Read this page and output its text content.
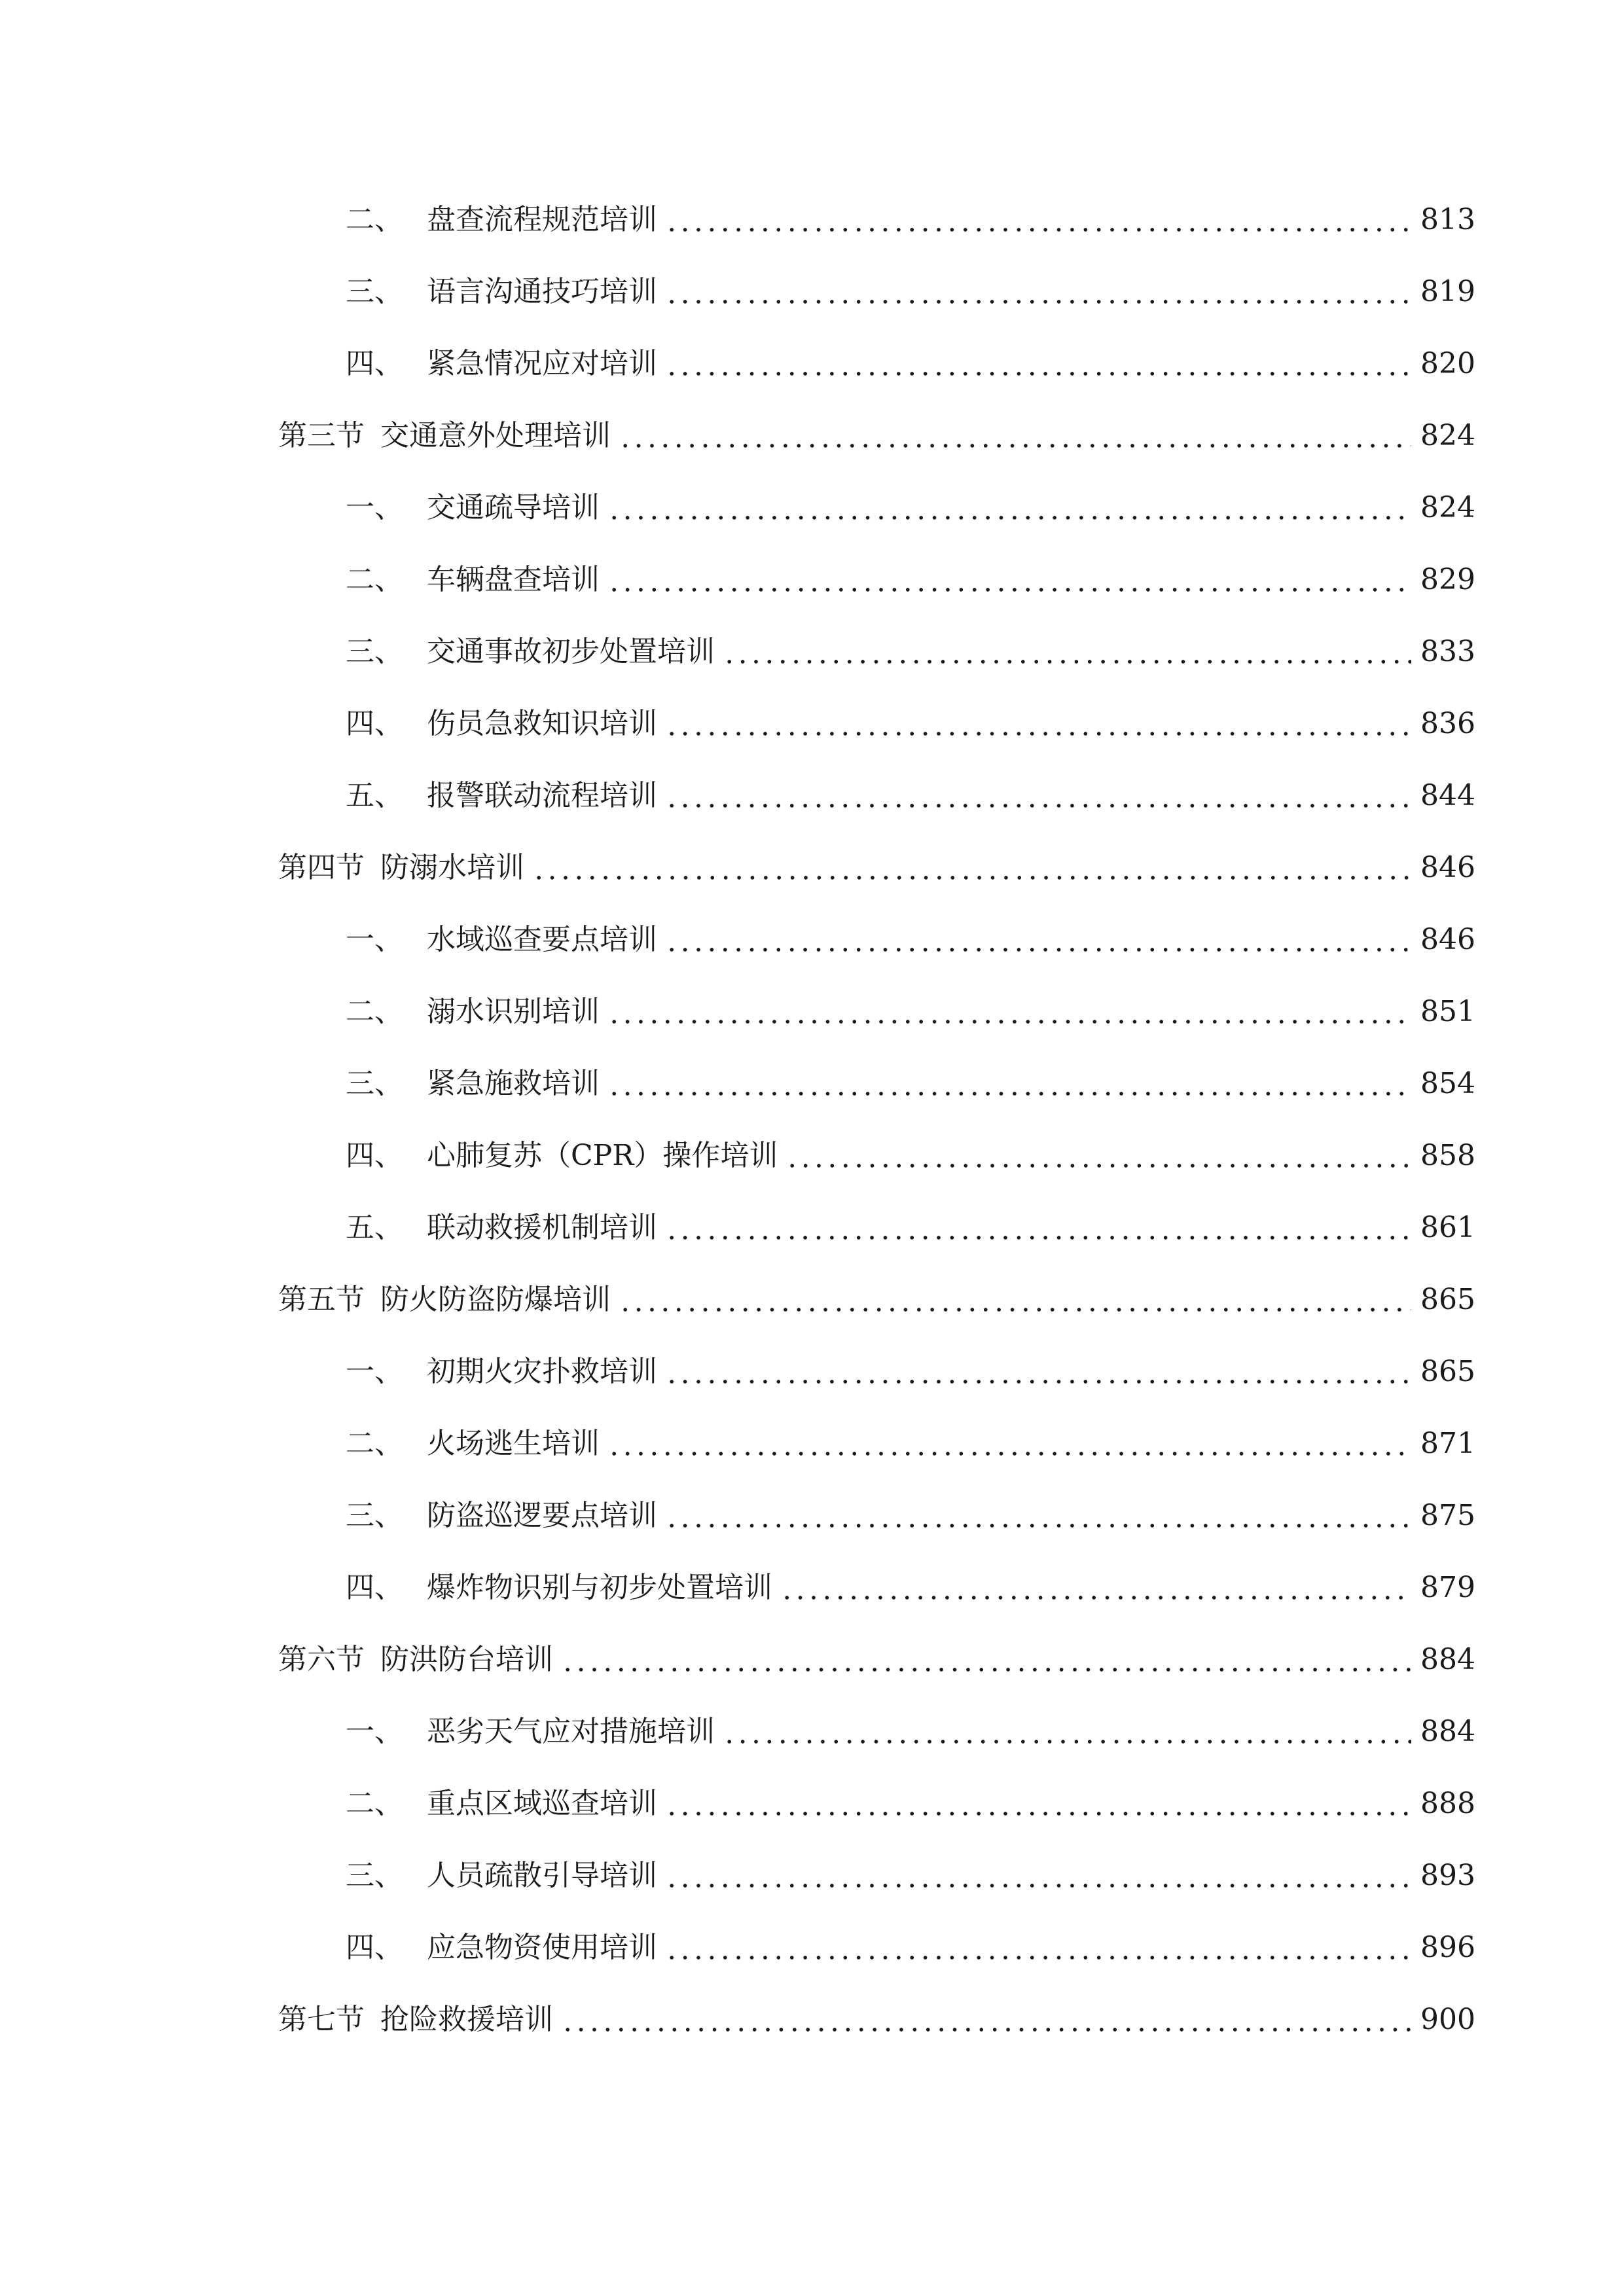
二、 盘查流程规范培训	813
三、 语言沟通技巧培训	819
四、 紧急情况应对培训	820
第三节 交通意外处理培训	824
一、 交通疏导培训	824
二、 车辆盘查培训	829
三、 交通事故初步处置培训	833
四、 伤员急救知识培训	836
五、 报警联动流程培训	844
第四节 防溺水培训	846
一、 水域巡查要点培训	846
二、 溺水识别培训	851
三、 紧急施救培训	854
四、 心肺复苏（CPR）操作培训	858
五、 联动救援机制培训	861
第五节 防火防盗防爆培训	865
一、 初期火灾扑救培训	865
二、 火场逃生培训	871
三、 防盗巡逻要点培训	875
四、 爆炸物识别与初步处置培训	879
第六节 防洪防台培训	884
一、 恶劣天气应对措施培训	884
二、 重点区域巡查培训	888
三、 人员疏散引导培训	893
四、 应急物资使用培训	896
第七节 抢险救援培训	900
